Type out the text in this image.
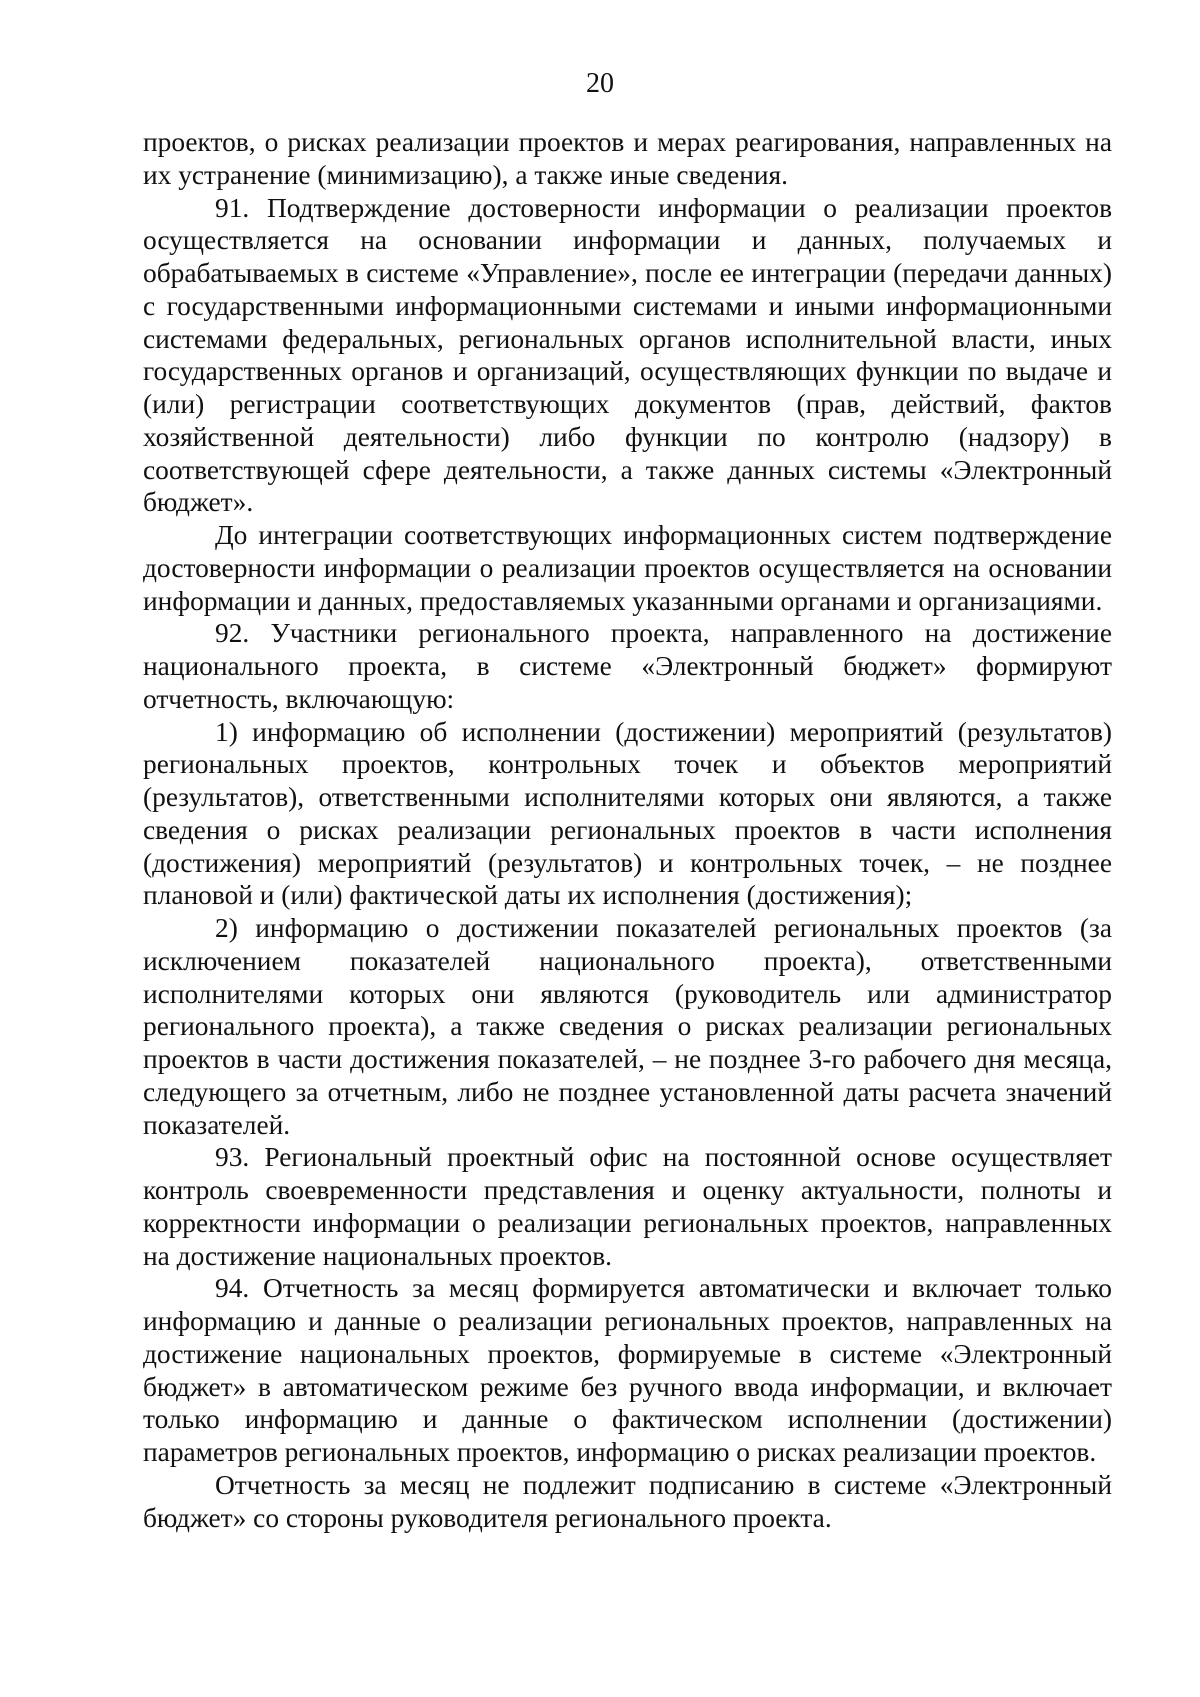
20

проектов, о рисках реализации проектов и мерах реагирования, направленных на их устранение (минимизацию), а также иные сведения.

91. Подтверждение достоверности информации о реализации проектов осуществляется на основании информации и данных, получаемых и обрабатываемых в системе «Управление», после ее интеграции (передачи данных) с государственными информационными системами и иными информационными системами федеральных, региональных органов исполнительной власти, иных государственных органов и организаций, осуществляющих функции по выдаче и (или) регистрации соответствующих документов (прав, действий, фактов хозяйственной деятельности) либо функции по контролю (надзору) в соответствующей сфере деятельности, а также данных системы «Электронный бюджет».

До интеграции соответствующих информационных систем подтверждение достоверности информации о реализации проектов осуществляется на основании информации и данных, предоставляемых указанными органами и организациями.

92. Участники регионального проекта, направленного на достижение национального проекта, в системе «Электронный бюджет» формируют отчетность, включающую:

1) информацию об исполнении (достижении) мероприятий (результатов) региональных проектов, контрольных точек и объектов мероприятий (результатов), ответственными исполнителями которых они являются, а также сведения о рисках реализации региональных проектов в части исполнения (достижения) мероприятий (результатов) и контрольных точек, – не позднее плановой и (или) фактической даты их исполнения (достижения);

2) информацию о достижении показателей региональных проектов (за исключением показателей национального проекта), ответственными исполнителями которых они являются (руководитель или администратор регионального проекта), а также сведения о рисках реализации региональных проектов в части достижения показателей, – не позднее 3-го рабочего дня месяца, следующего за отчетным, либо не позднее установленной даты расчета значений показателей.

93. Региональный проектный офис на постоянной основе осуществляет контроль своевременности представления и оценку актуальности, полноты и корректности информации о реализации региональных проектов, направленных на достижение национальных проектов.

94. Отчетность за месяц формируется автоматически и включает только информацию и данные о реализации региональных проектов, направленных на достижение национальных проектов, формируемые в системе «Электронный бюджет» в автоматическом режиме без ручного ввода информации, и включает только информацию и данные о фактическом исполнении (достижении) параметров региональных проектов, информацию о рисках реализации проектов.

Отчетность за месяц не подлежит подписанию в системе «Электронный бюджет» со стороны руководителя регионального проекта.
